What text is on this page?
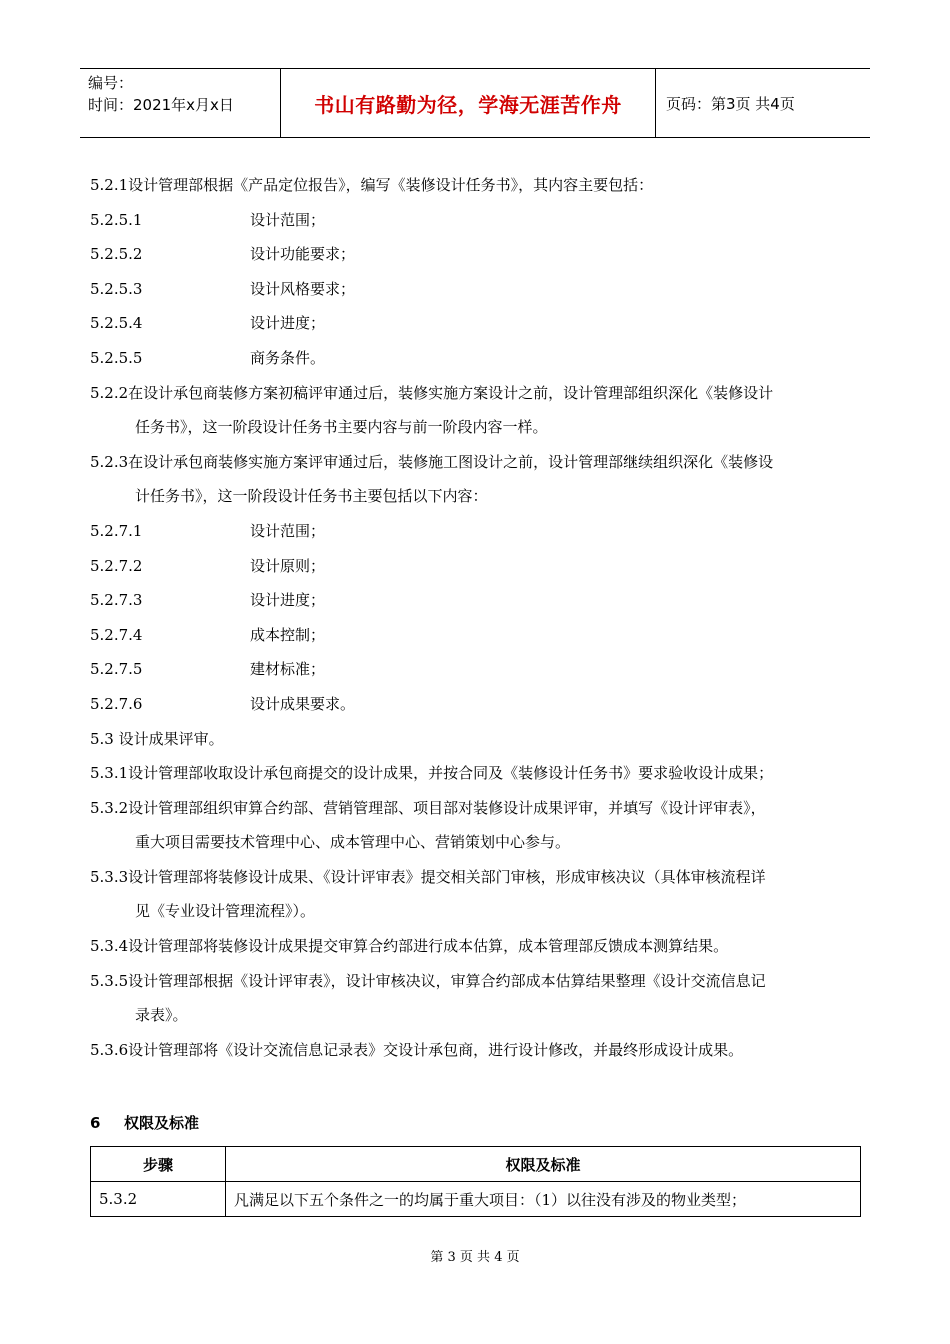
编号：
时间：2021年x月x日	书山有路勤为径，学海无涯苦作舟	页码：第3页 共4页
5.2.1设计管理部根据《产品定位报告》，编写《装修设计任务书》，其内容主要包括：
5.2.5.1	设计范围；
5.2.5.2	设计功能要求；
5.2.5.3	设计风格要求；
5.2.5.4	设计进度；
5.2.5.5	商务条件。
5.2.2在设计承包商装修方案初稿评审通过后，装修实施方案设计之前，设计管理部组织深化《装修设计
任务书》，这一阶段设计任务书主要内容与前一阶段内容一样。
5.2.3在设计承包商装修实施方案评审通过后，装修施工图设计之前，设计管理部继续组织深化《装修设
计任务书》，这一阶段设计任务书主要包括以下内容：
5.2.7.1	设计范围；
5.2.7.2	设计原则；
5.2.7.3	设计进度；
5.2.7.4	成本控制；
5.2.7.5	建材标准；
5.2.7.6	设计成果要求。
5.3 设计成果评审。
5.3.1设计管理部收取设计承包商提交的设计成果，并按合同及《装修设计任务书》要求验收设计成果；
5.3.2设计管理部组织审算合约部、营销管理部、项目部对装修设计成果评审，并填写《设计评审表》，
重大项目需要技术管理中心、成本管理中心、营销策划中心参与。
5.3.3设计管理部将装修设计成果、《设计评审表》提交相关部门审核，形成审核决议（具体审核流程详
见《专业设计管理流程》）。
5.3.4设计管理部将装修设计成果提交审算合约部进行成本估算，成本管理部反馈成本测算结果。
5.3.5设计管理部根据《设计评审表》，设计审核决议，审算合约部成本估算结果整理《设计交流信息记
录表》。
5.3.6设计管理部将《设计交流信息记录表》交设计承包商，进行设计修改，并最终形成设计成果。
6 权限及标准
步骤	权限及标准
5.3.2	凡满足以下五个条件之一的均属于重大项目：（1）以往没有涉及的物业类型；
第 3 页 共 4 页
